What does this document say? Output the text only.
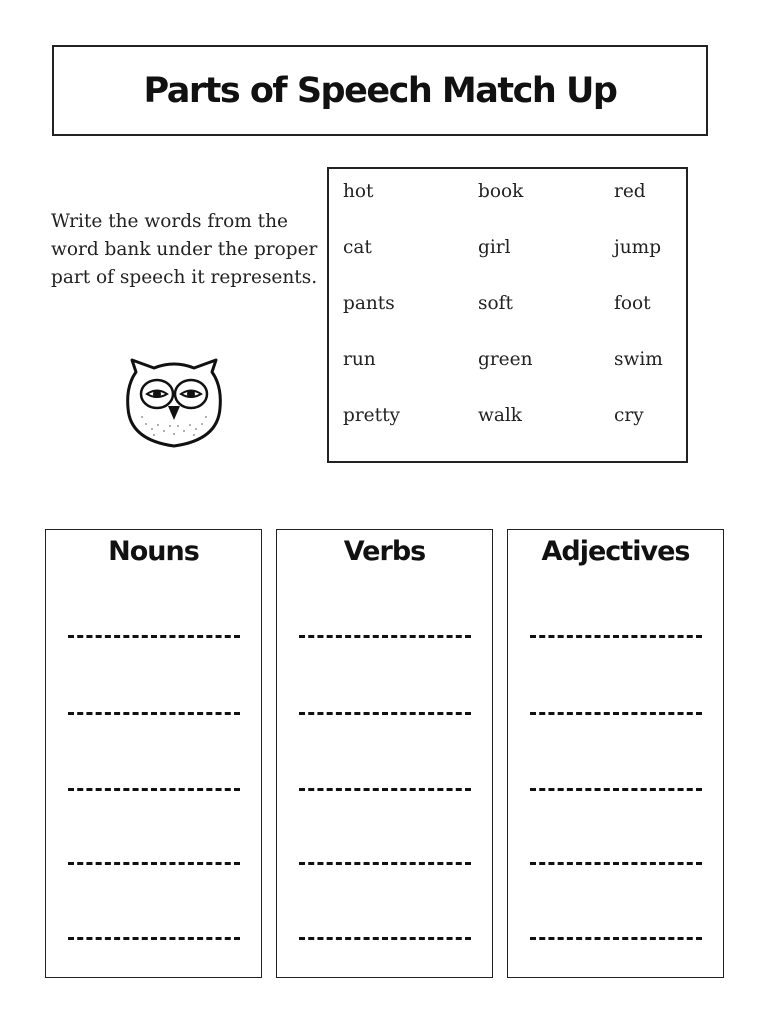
Parts of Speech Match Up
Write the words from the word bank under the proper part of speech it represents.
hot	book	red
cat	girl	jump
pants	soft	foot
run	green	swim
pretty	walk	cry
Nouns	Verbs	Adjectives
